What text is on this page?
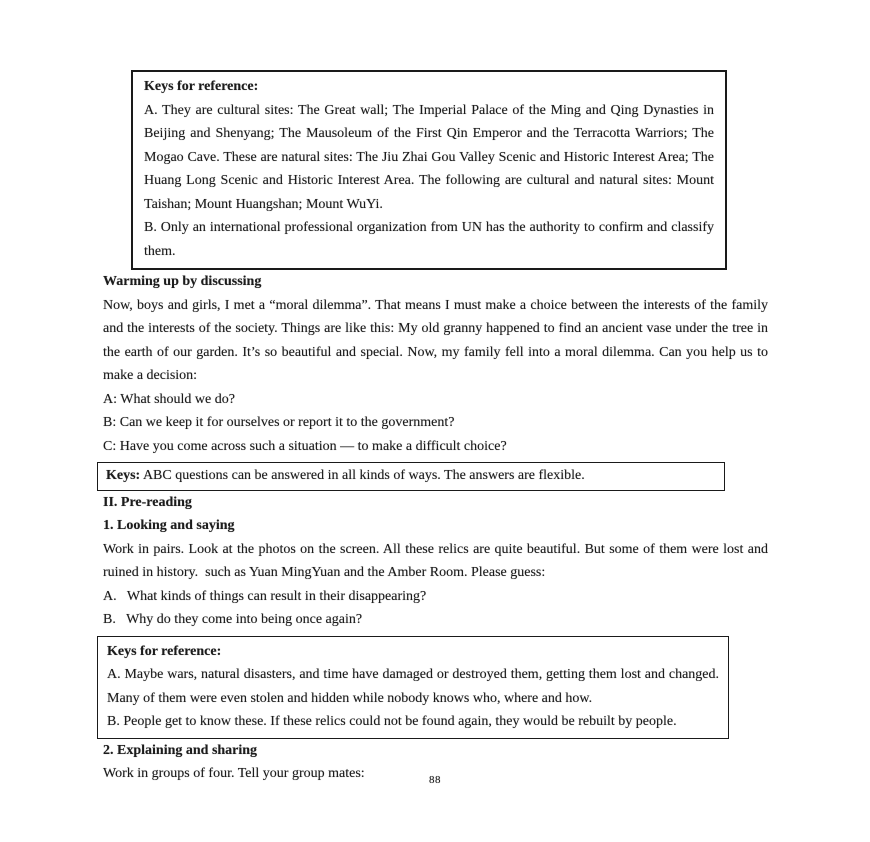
Keys for reference:

A. They are cultural sites: The Great wall; The Imperial Palace of the Ming and Qing Dynasties in Beijing and Shenyang; The Mausoleum of the First Qin Emperor and the Terracotta Warriors; The Mogao Cave. These are natural sites: The Jiu Zhai Gou Valley Scenic and Historic Interest Area; The Huang Long Scenic and Historic Interest Area. The following are cultural and natural sites: Mount Taishan; Mount Huangshan; Mount WuYi.

B. Only an international professional organization from UN has the authority to confirm and classify them.

Warming up by discussing

Now, boys and girls, I met a “moral dilemma”. That means I must make a choice between the interests of the family and the interests of the society. Things are like this: My old granny happened to find an ancient vase under the tree in the earth of our garden. It’s so beautiful and special. Now, my family fell into a moral dilemma. Can you help us to make a decision:

A: What should we do?

B: Can we keep it for ourselves or report it to the government?

C: Have you come across such a situation — to make a difficult choice?

Keys: ABC questions can be answered in all kinds of ways. The answers are flexible.

II. Pre-reading

1. Looking and saying

Work in pairs. Look at the photos on the screen. All these relics are quite beautiful. But some of them were lost and ruined in history.  such as Yuan MingYuan and the Amber Room. Please guess:

A.   What kinds of things can result in their disappearing?

B.   Why do they come into being once again?

Keys for reference:

A. Maybe wars, natural disasters, and time have damaged or destroyed them, getting them lost and changed. Many of them were even stolen and hidden while nobody knows who, where and how.

B. People get to know these. If these relics could not be found again, they would be rebuilt by people.

2. Explaining and sharing

Work in groups of four. Tell your group mates:	88
